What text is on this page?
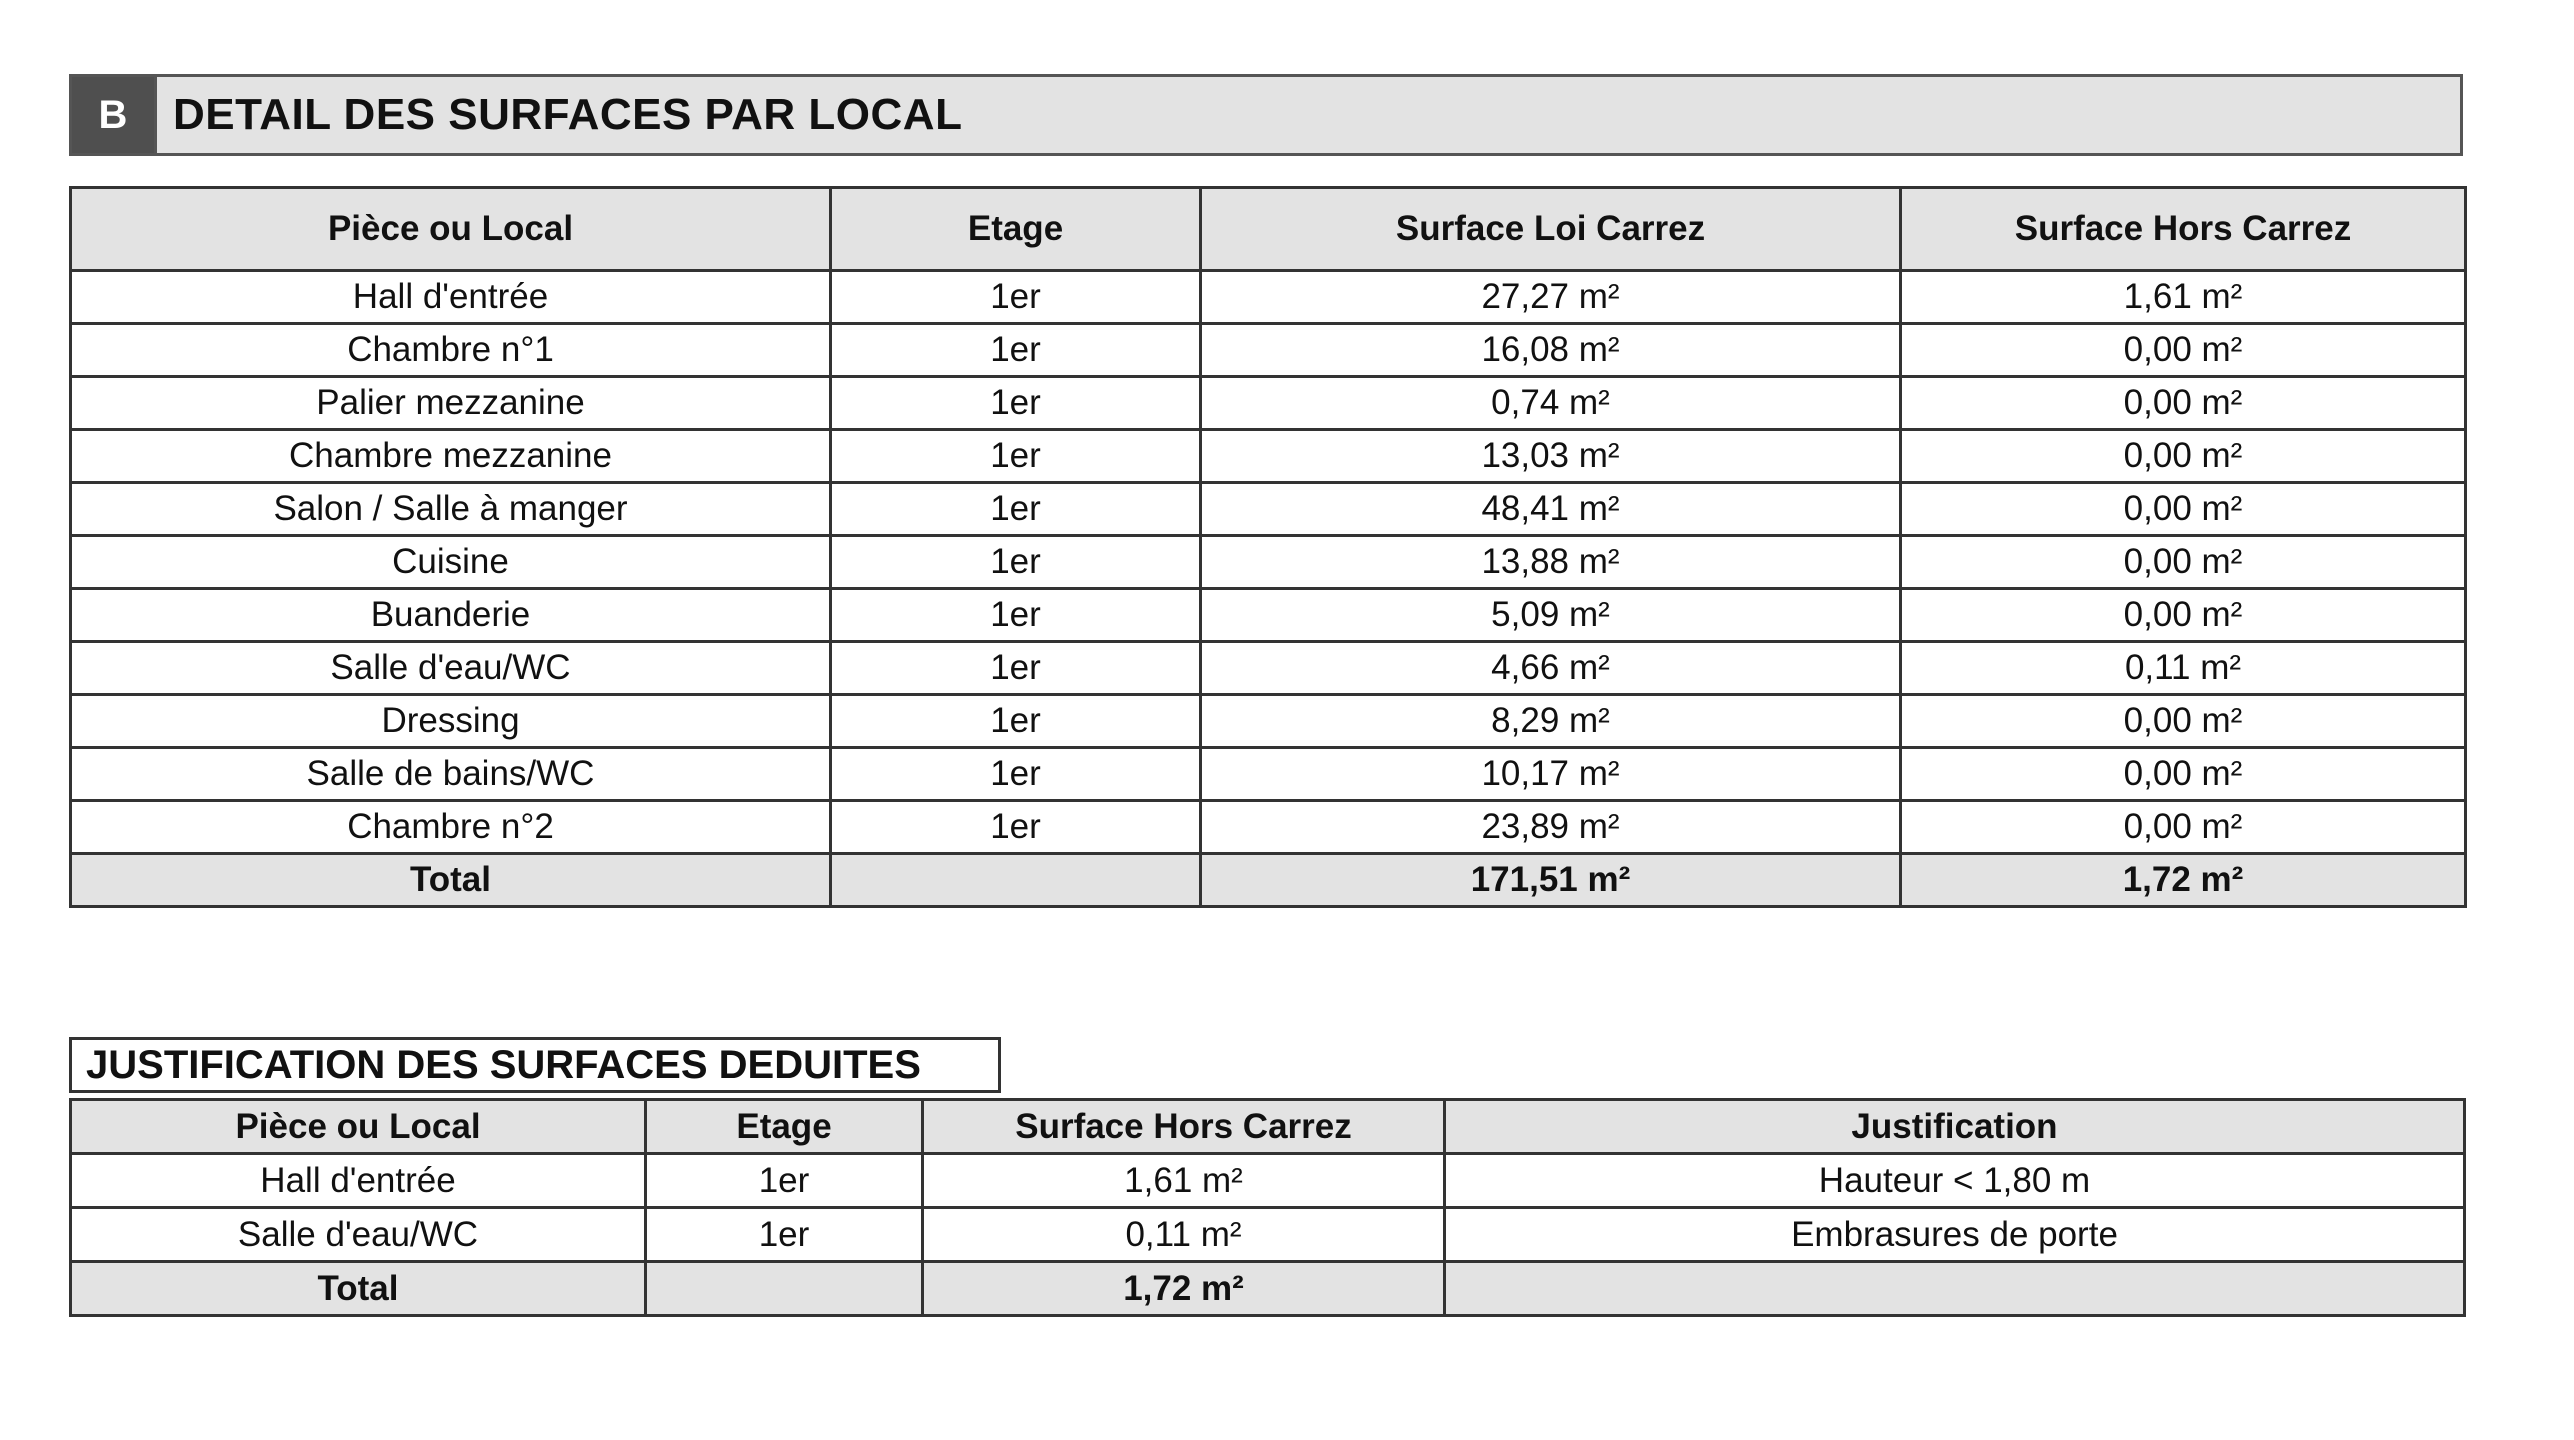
B	DETAIL DES SURFACES PAR LOCAL
Pièce ou Local	Etage	Surface Loi Carrez	Surface Hors Carrez
Hall d'entrée	1er	27,27 m²	1,61 m²
Chambre n°1	1er	16,08 m²	0,00 m²
Palier mezzanine	1er	0,74 m²	0,00 m²
Chambre mezzanine	1er	13,03 m²	0,00 m²
Salon / Salle à manger	1er	48,41 m²	0,00 m²
Cuisine	1er	13,88 m²	0,00 m²
Buanderie	1er	5,09 m²	0,00 m²
Salle d'eau/WC	1er	4,66 m²	0,11 m²
Dressing	1er	8,29 m²	0,00 m²
Salle de bains/WC	1er	10,17 m²	0,00 m²
Chambre n°2	1er	23,89 m²	0,00 m²
Total		171,51 m²	1,72 m²
JUSTIFICATION DES SURFACES DEDUITES
Pièce ou Local	Etage	Surface Hors Carrez	Justification
Hall d'entrée	1er	1,61 m²	Hauteur < 1,80 m
Salle d'eau/WC	1er	0,11 m²	Embrasures de porte
Total		1,72 m²	
